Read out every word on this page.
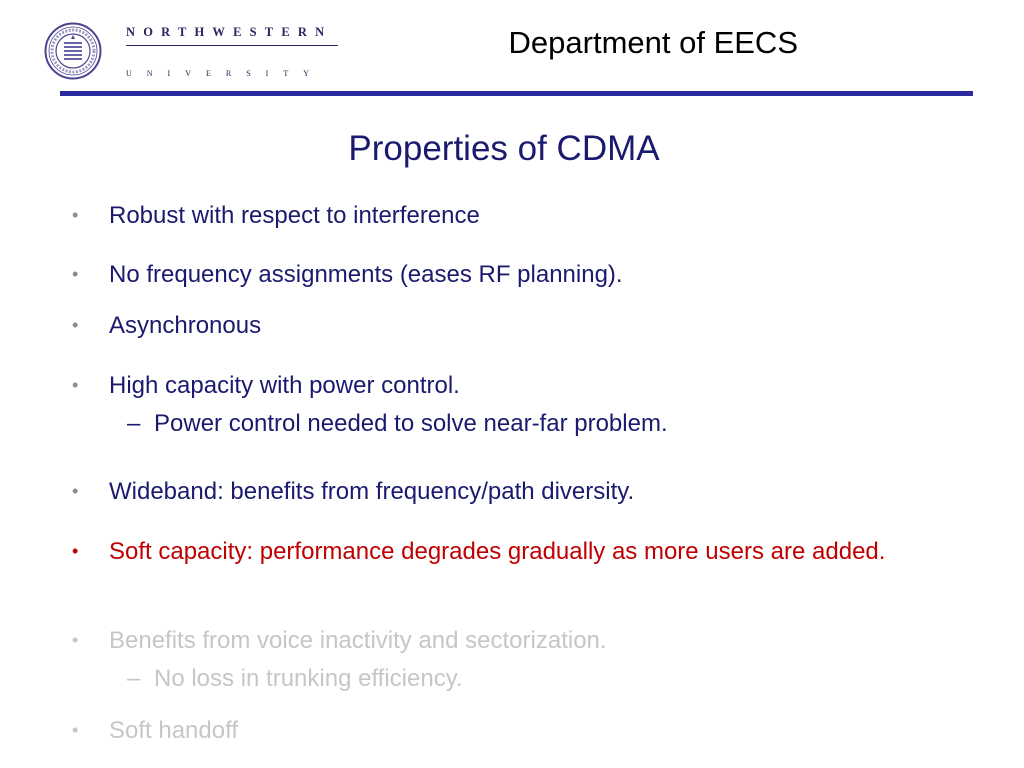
NORTHWESTERN
UNIVERSITY
Department of EECS
Properties of CDMA
•	Robust with respect to interference
•	No frequency assignments (eases RF planning).
•	Asynchronous
•	High capacity with power control.
– Power control needed to solve near-far problem.
•	Wideband: benefits from frequency/path diversity.
•	Soft capacity: performance degrades gradually as more users are added.
•	Benefits from voice inactivity and sectorization.
– No loss in trunking efficiency.
•	Soft handoff
